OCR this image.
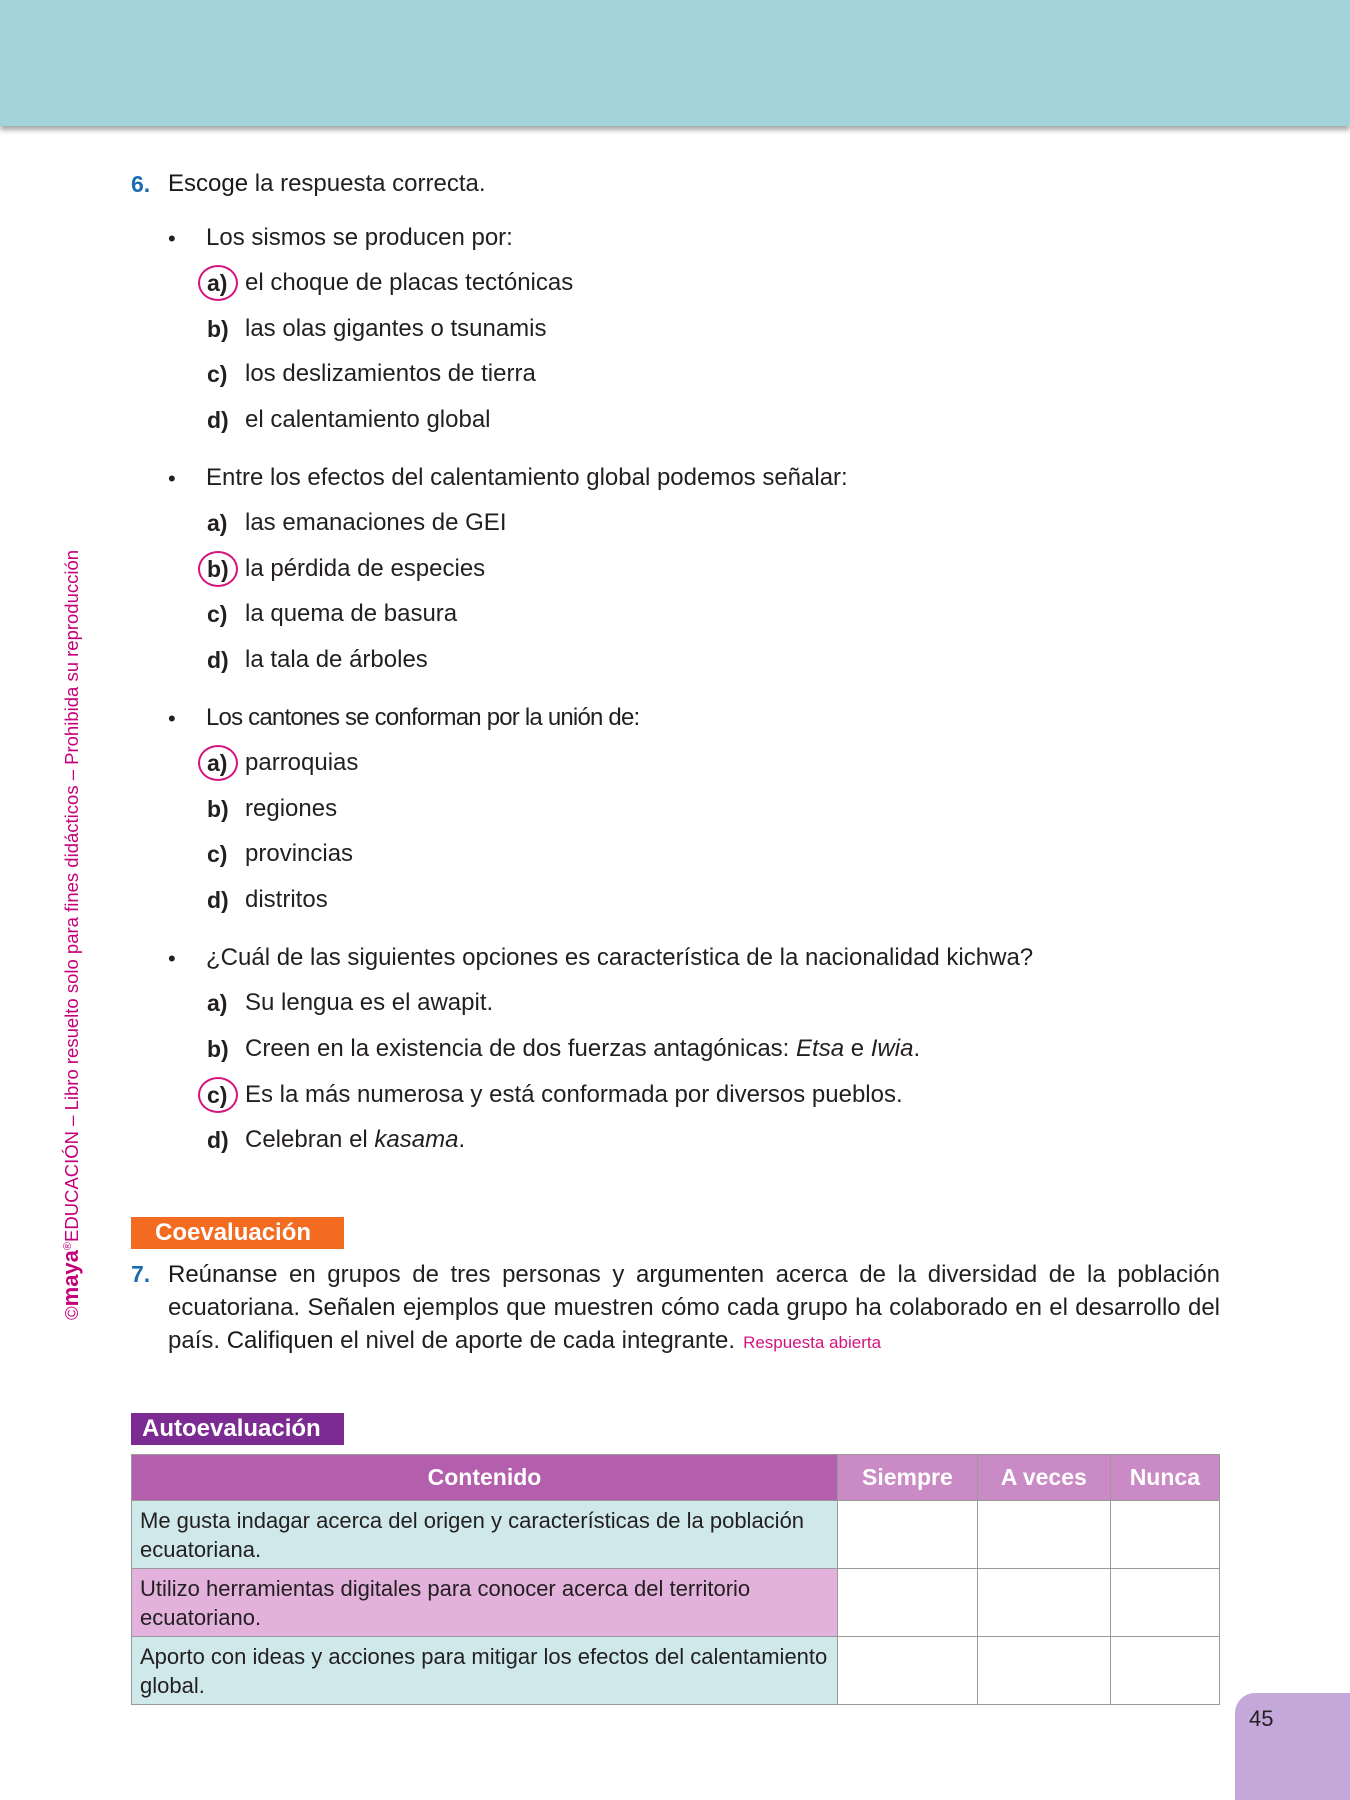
©maya®EDUCACIÓN – Libro resuelto solo para fines didácticos – Prohibida su reproducción
6. Escoge la respuesta correcta.
• Los sismos se producen por:
a) el choque de placas tectónicas
b) las olas gigantes o tsunamis
c) los deslizamientos de tierra
d) el calentamiento global
• Entre los efectos del calentamiento global podemos señalar:
a) las emanaciones de GEI
b) la pérdida de especies
c) la quema de basura
d) la tala de árboles
• Los cantones se conforman por la unión de:
a) parroquias
b) regiones
c) provincias
d) distritos
• ¿Cuál de las siguientes opciones es característica de la nacionalidad kichwa?
a) Su lengua es el awapit.
b) Creen en la existencia de dos fuerzas antagónicas: Etsa e Iwia.
c) Es la más numerosa y está conformada por diversos pueblos.
d) Celebran el kasama.
Coevaluación
7. Reúnanse en grupos de tres personas y argumenten acerca de la diversidad de la población ecuatoriana. Señalen ejemplos que muestren cómo cada grupo ha colaborado en el desarrollo del país. Califiquen el nivel de aporte de cada integrante. Respuesta abierta
Autoevaluación
Contenido	Siempre	A veces	Nunca
Me gusta indagar acerca del origen y características de la población ecuatoriana.			
Utilizo herramientas digitales para conocer acerca del territorio ecuatoriano.			
Aporto con ideas y acciones para mitigar los efectos del calentamiento global.			
45
